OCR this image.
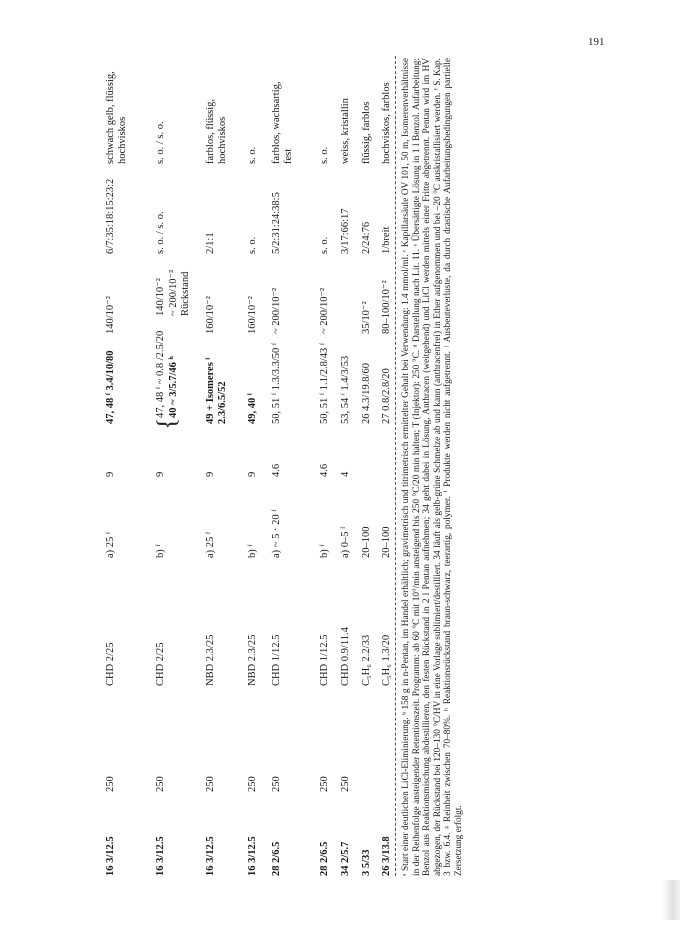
191
16 3/12.5
250
CHD 2/25
a) 25 ᶠ
9
47, 48 ᶠ 3.4/10/80
140/10⁻²
6/7:35:18:15:23:2
schwach gelb, flüssig, hochviskos
16 3/12.5
250
CHD 2/25
b) ᶠ
9
{
47, 48 ᶠ ~ 0.8 /2.5/20
140/10⁻²
40 ~ 3/5.7/46 ʰ
~ 200/10⁻² Rückstand
s. o. / s. o.
s. o. / s. o.
16 3/12.5
250
NBD 2.3/25
a) 25 ᶠ
9
49 + Isomeres ⁱ 2.3/6.5/52
160/10⁻²
2/1:1
farblos, flüssig, hochviskos
16 3/12.5
250
NBD 2.3/25
b) ᶠ
9
49, 40 ⁱ
160/10⁻²
s. o.
s. o.
28 2/6.5
250
CHD 1/12.5
a) ~ 5 · 20 ᶠ
4.6
50, 51 ᶠ 1.3/3.3/50 ᶠ
~ 200/10⁻²
5/2:31:24:38:5
farblos, wachsartig, fest
28 2/6.5
250
CHD 1/12.5
b) ᶠ
4.6
50, 51 ᶠ 1.1/2.8/43 ᶠ
~ 200/10⁻²
s. o.
s. o.
34 2/5.7
250
CHD 0.9/11.4
a) 0–5 ᶠ
4
53, 54 ⁱ 1.4/3/53
3/17:66:17
weiss, kristallin
3 5/33
C₅H₆ 2.2/33
20–100
26 4.3/19.8/60
35/10⁻²
2/24:76
flüssig, farblos
26 3/13.8
C₅H₆ 1.3/20
20–100
27 0.8/2.8/20
80–100/10⁻²
1/breit
hochviskos, farblos ᵃ Start einer deutlichen LiCl-Eliminierung. ᵇ 158 g in n-Pentan, im Handel erhältlich; gravimetrisch und titrimetrisch ermittelter Gehalt bei Verwendung: 1.4 mmol/ml. ᶜ Kapillarsäule OV 101, 50 m, Isomerenverhältnisse in der Reihenfolge ansteigender Retentionszeit. Programm: ab 60 °C mit 10°/min ansteigend bis 250 °C/20 min halten; T (Injektor): 250 °C. ᵈ Darstellung nach Lit. 11. ᵉ Übersättigte Lösung in 1 l Benzol. Aufarbeitung: Benzol aus Reaktionsmischung abdestillieren, den festen Rückstand in 2 l Pentan aufnehmen; 34 geht dabei in Lösung, Anthracen (weitgehend) und LiCl werden mittels einer Fritte abgetrennt. Pentan wird im HV abgezogen, der Rückstand bei 120–130 °C/HV in eine Vorlage sublimiert/destilliert. 34 läuft als gelb-grüne Schmelze ab und kann (anthracenfrei) in Ether aufgenommen und bei –20 °C auskristallisiert werden. ᶠ S. Kap. 3 bzw. 6.4. ᵍ Reinheit zwischen 70–80%. ʰ Reaktionsrückstand braun-schwarz, teerartig, polymer. ⁱ Produkte werden nicht aufgetrennt. ʲ Ausbeuteverluste, da durch drastische Aufarbeitungsbedingungen partielle Zersetzung erfolgt.
